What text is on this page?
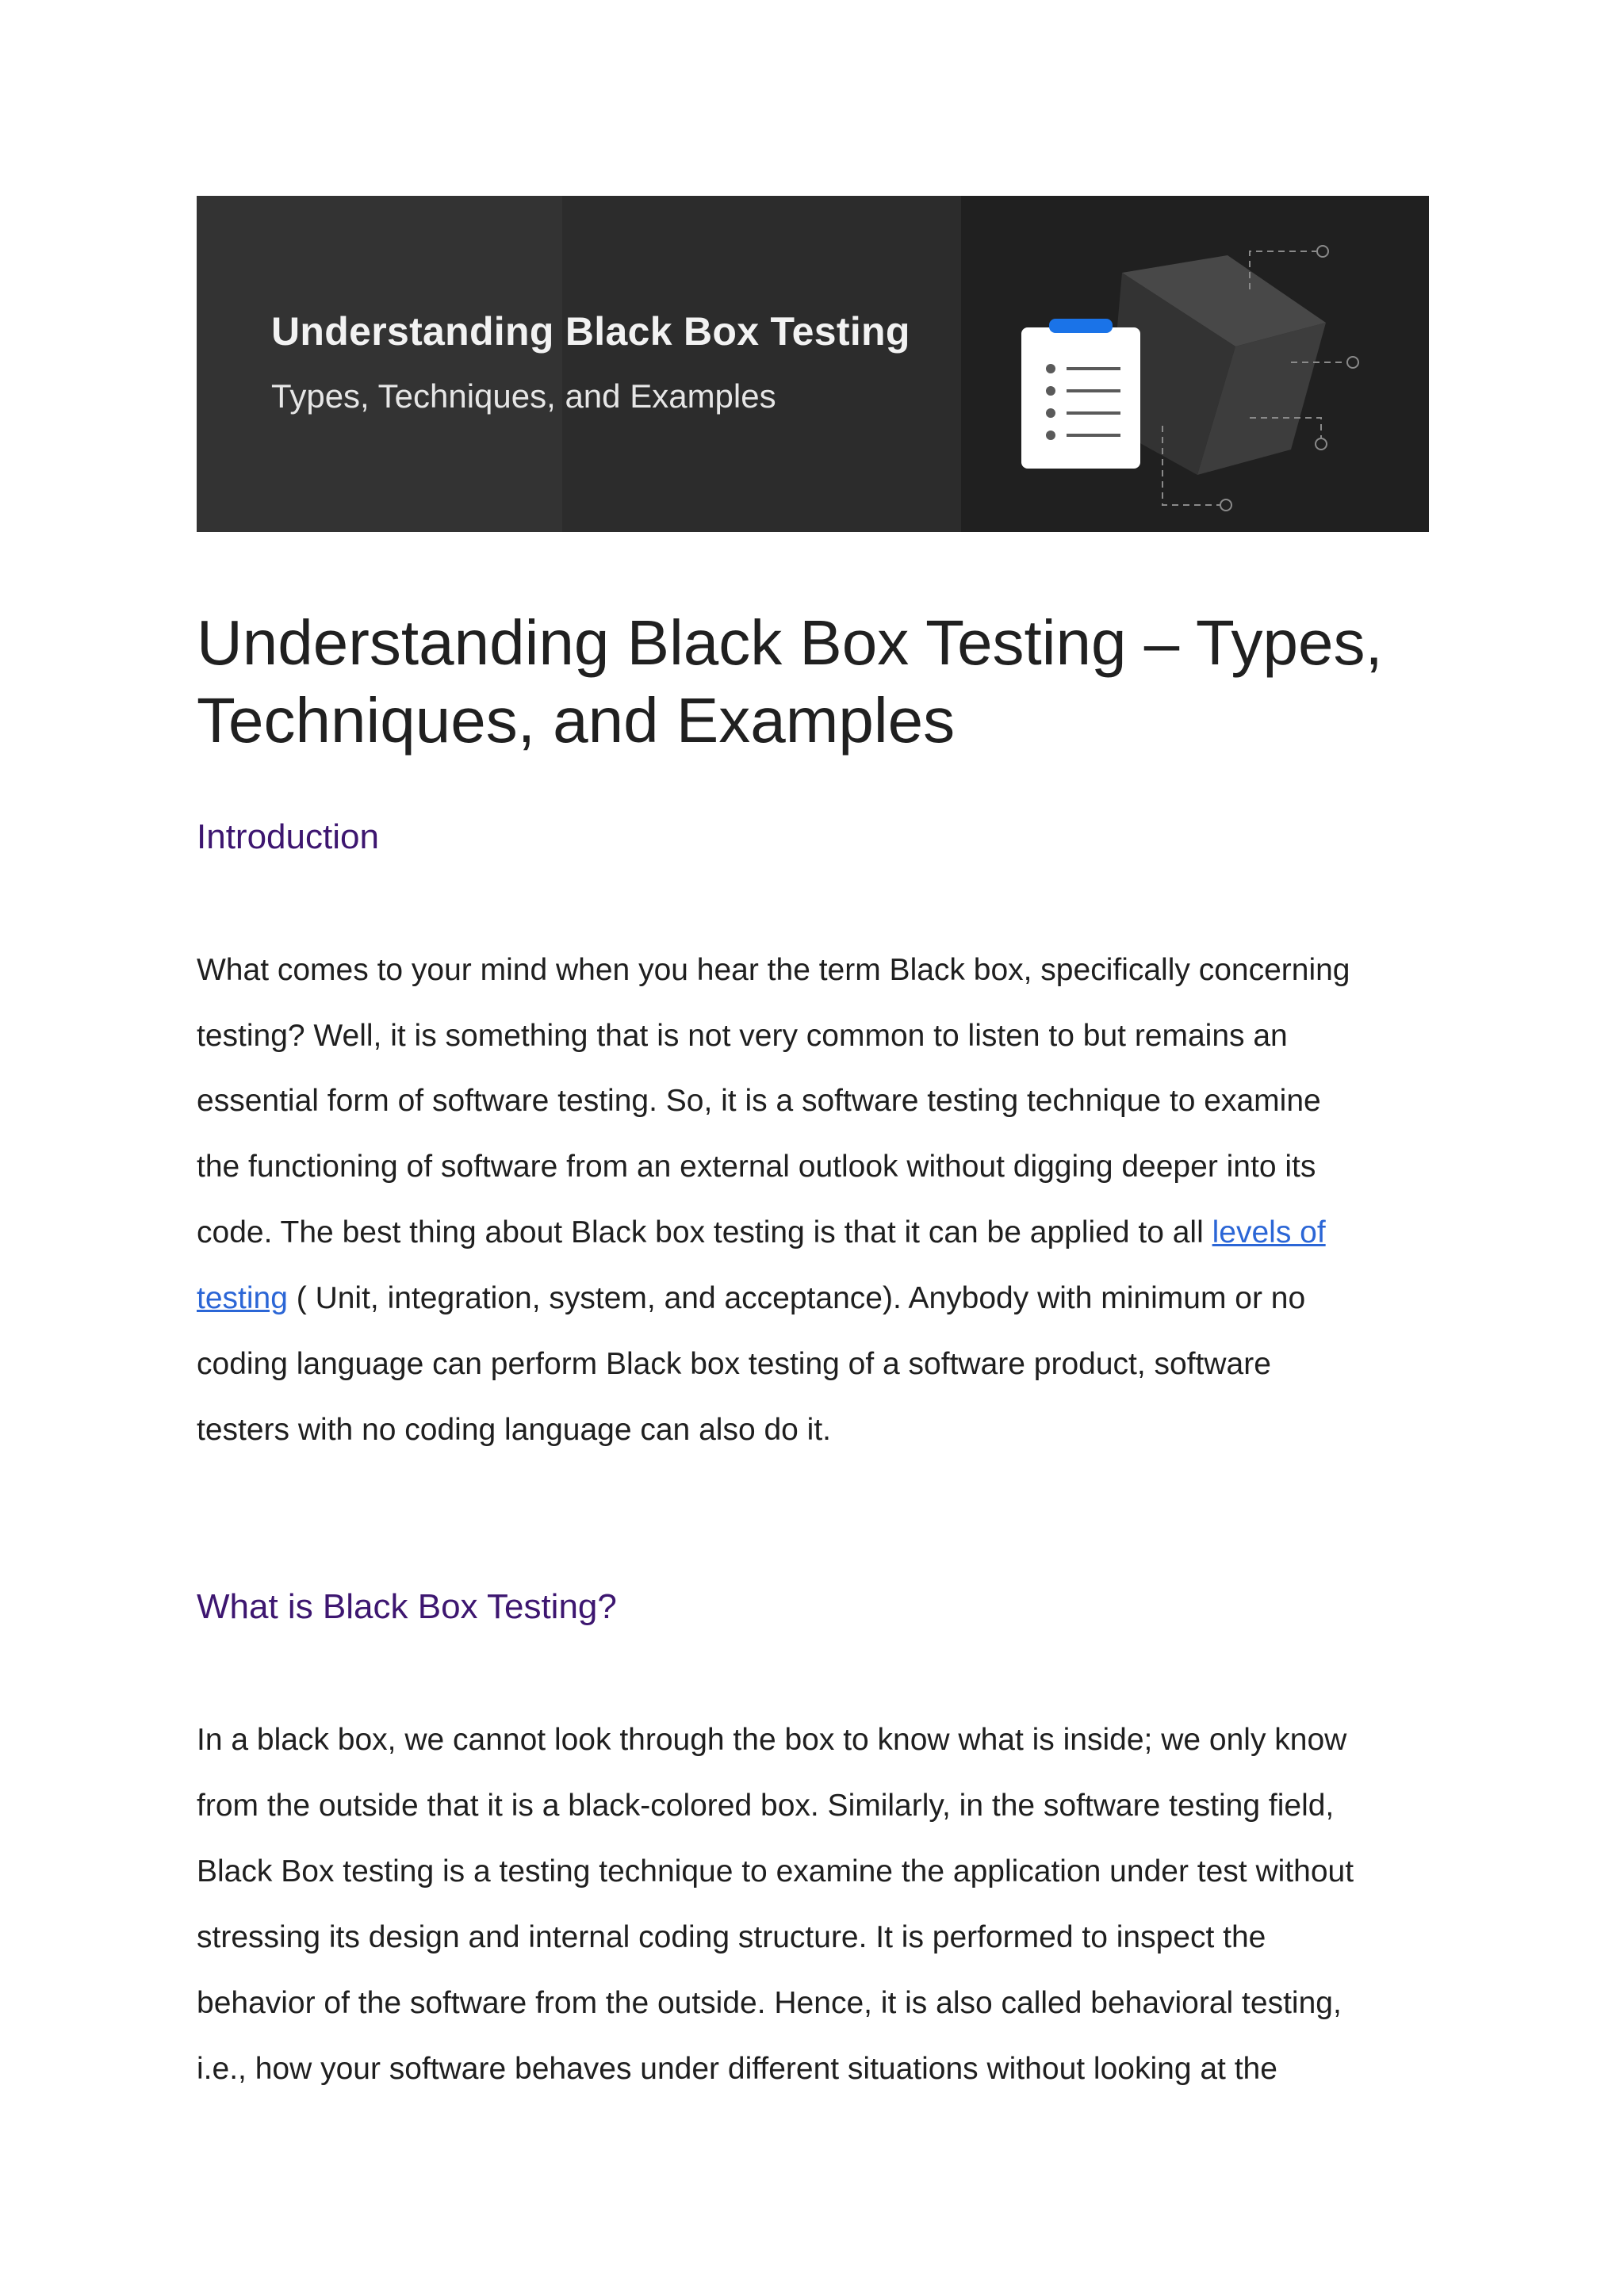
Understanding Black Box Testing
Types, Techniques, and Examples
Understanding Black Box Testing – Types,
Techniques, and Examples
Introduction
What comes to your mind when you hear the term Black box, specifically concerning
testing? Well, it is something that is not very common to listen to but remains an
essential form of software testing. So, it is a software testing technique to examine
the functioning of software from an external outlook without digging deeper into its
code. The best thing about Black box testing is that it can be applied to all levels of
testing ( Unit, integration, system, and acceptance). Anybody with minimum or no
coding language can perform Black box testing of a software product, software
testers with no coding language can also do it.
What is Black Box Testing?
In a black box, we cannot look through the box to know what is inside; we only know
from the outside that it is a black-colored box. Similarly, in the software testing field,
Black Box testing is a testing technique to examine the application under test without
stressing its design and internal coding structure. It is performed to inspect the
behavior of the software from the outside. Hence, it is also called behavioral testing,
i.e., how your software behaves under different situations without looking at the
